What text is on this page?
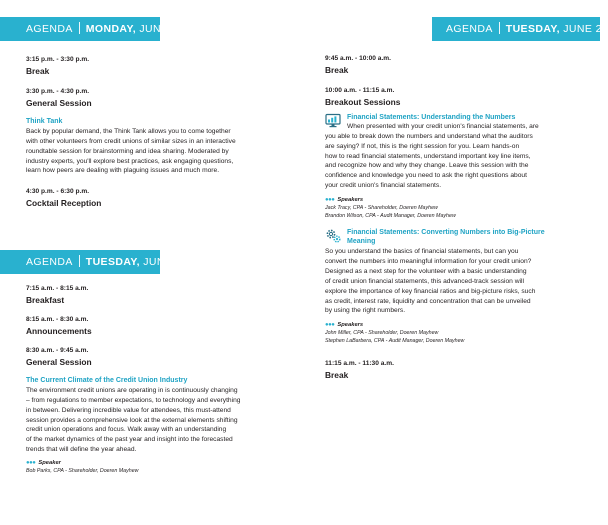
AGENDA MONDAY, JUNE 24
AGENDA TUESDAY, JUNE 25
AGENDA TUESDAY, JUNE 25
3:15 p.m. - 3:30 p.m.
Break
3:30 p.m. - 4:30 p.m.
General Session
Think Tank
Back by popular demand, the Think Tank allows you to come together
with other volunteers from credit unions of similar sizes in an interactive
roundtable session for brainstorming and idea sharing. Moderated by
industry experts, you'll explore best practices, ask engaging questions,
learn how peers are dealing with plaguing issues and much more.
4:30 p.m. - 6:30 p.m.
Cocktail Reception
7:15 a.m. - 8:15 a.m.
Breakfast
8:15 a.m. - 8:30 a.m.
Announcements
8:30 a.m. - 9:45 a.m.
General Session
The Current Climate of the Credit Union Industry
The environment credit unions are operating in is continuously changing
– from regulations to member expectations, to technology and everything
in between. Delivering incredible value for attendees, this must-attend
session provides a comprehensive look at the external elements shifting
credit union operations and focus. Walk away with an understanding
of the market dynamics of the past year and insight into the forecasted
trends that will define the year ahead.
●●● Speaker
Bob Parks, CPA - Shareholder, Doeren Mayhew
9:45 a.m. - 10:00 a.m.
Break
10:00 a.m. - 11:15 a.m.
Breakout Sessions
Financial Statements: Understanding the Numbers
When presented with your credit union's financial statements, are
you able to break down the numbers and understand what the auditors
are saying? If not, this is the right session for you. Learn hands-on
how to read financial statements, understand important key line items,
and recognize how and why they change. Leave this session with the
confidence and knowledge you need to ask the right questions about
your credit union's financial statements.
●●● Speakers
Jack Tracy, CPA - Shareholder, Doeren Mayhew
Brandon Wilson, CPA - Audit Manager, Doeren Mayhew
Financial Statements: Converting Numbers into Big-Picture
Meaning
So you understand the basics of financial statements, but can you
convert the numbers into meaningful information for your credit union?
Designed as a next step for the volunteer with a basic understanding
of credit union financial statements, this advanced-track session will
explore the importance of key financial ratios and big-picture risks, such
as credit, interest rate, liquidity and concentration that can be unveiled
by using the right numbers.
●●● Speakers
John Miller, CPA - Shareholder, Doeren Mayhew
Stephen LaBarbera, CPA - Audit Manager, Doeren Mayhew
11:15 a.m. - 11:30 a.m.
Break
